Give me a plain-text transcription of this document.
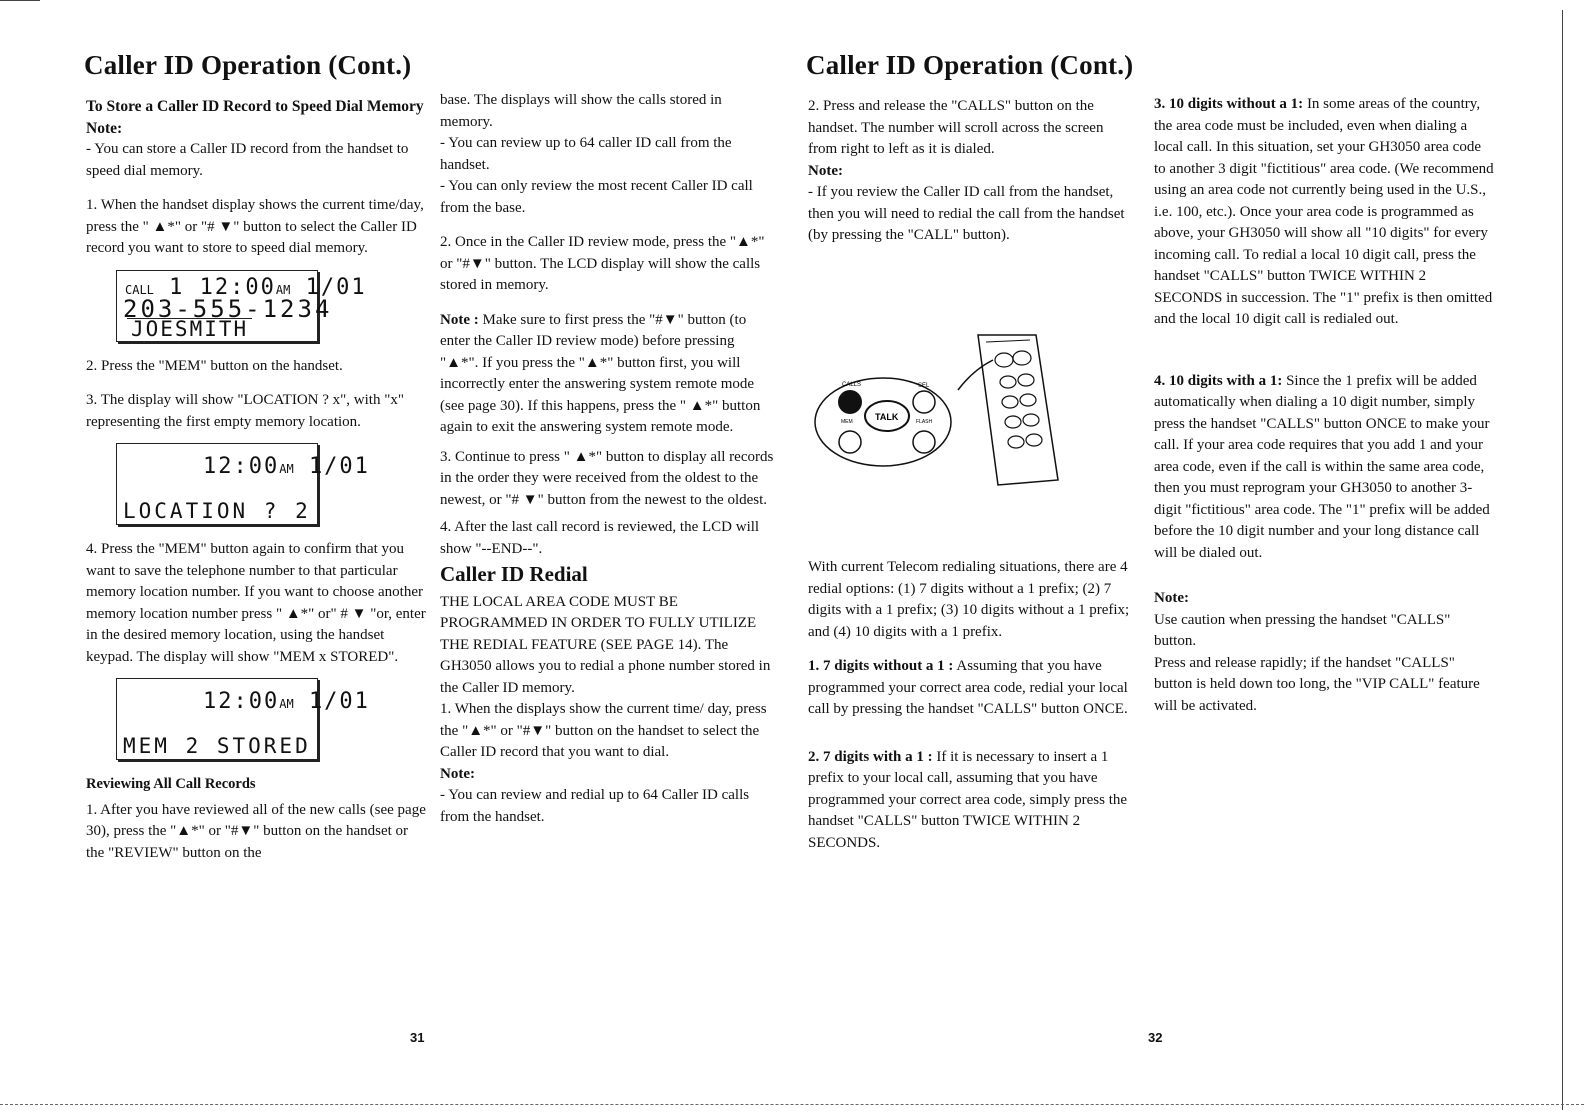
Caller ID Operation (Cont.)
To Store a Caller ID Record to Speed Dial Memory
Note:

- You can store a Caller ID record from the handset to speed dial memory.

1. When the handset display shows the current time/day, press the " ▲*" or "# ▼" button to select the Caller ID record you want to store to speed dial memory.

CALL 1 12:00AM 1/01
203-555-1234
JOESMITH

2. Press the "MEM" button on the handset.

3. The display will show "LOCATION ? x", with "x" representing the first empty memory location.

12:00AM 1/01
LOCATION ? 2

4. Press the "MEM" button again to confirm that you want to save the telephone number to that particular memory location number. If you want to choose another memory location number press " ▲*" or" # ▼ "or, enter in the desired memory location, using the handset keypad. The display will show "MEM x STORED".

12:00AM 1/01
MEM 2 STORED
Reviewing All Call Records

1. After you have reviewed all of the new calls (see page 30), press the "▲*" or "#▼" button on the handset or the "REVIEW" button on the

base. The displays will show the calls stored in memory.

- You can review up to 64 caller ID call from the handset.

- You can only review the most recent Caller ID call from the base.

2. Once in the Caller ID review mode, press the "▲*" or "#▼" button. The LCD display will show the calls stored in memory.

Note : Make sure to first press the "#▼" button (to enter the Caller ID review mode) before pressing "▲*". If you press the "▲*" button first, you will incorrectly enter the answering system remote mode (see page 30). If this happens, press the " ▲*" button again to exit the answering system remote mode.

3. Continue to press " ▲*" button to display all records in the order they were received from the oldest to the newest, or "# ▼" button from the newest to the oldest.

4. After the last call record is reviewed, the LCD will show "--END--".

Caller ID Redial

THE LOCAL AREA CODE MUST BE PROGRAMMED IN ORDER TO FULLY UTILIZE THE REDIAL FEATURE (SEE PAGE 14). The GH3050 allows you to redial a phone number stored in the Caller ID memory.

1. When the displays show the current time/ day, press the "▲*" or "#▼" button on the handset to select the Caller ID record that you want to dial.

Note:

- You can review and redial up to 64 Caller ID calls from the handset.

31
Caller ID Operation (Cont.)

2. Press and release the "CALLS" button on the handset. The number will scroll across the screen from right to left as it is dialed.

Note:

- If you review the Caller ID call from the handset, then you will need to redial the call from the handset (by pressing the "CALL" button).

CALLS	SEL
TALK
MEM	FLASH

With current Telecom redialing situations, there are 4 redial options: (1) 7 digits without a 1 prefix; (2) 7 digits with a 1 prefix; (3) 10 digits without a 1 prefix; and (4) 10 digits with a 1 prefix.

1. 7 digits without a 1 : Assuming that you have programmed your correct area code, redial your local call by pressing the handset "CALLS" button ONCE.

2. 7 digits with a 1 : If it is necessary to insert a 1 prefix to your local call, assuming that you have programmed your correct area code, simply press the handset "CALLS" button TWICE WITHIN 2 SECONDS.

3. 10 digits without a 1: In some areas of the country, the area code must be included, even when dialing a local call. In this situation, set your GH3050 area code to another 3 digit "fictitious" area code. (We recommend using an area code not currently being used in the U.S., i.e. 100, etc.). Once your area code is programmed as above, your GH3050 will show all "10 digits" for every incoming call. To redial a local 10 digit call, press the handset "CALLS" button TWICE WITHIN 2 SECONDS in succession. The "1" prefix is then omitted and the local 10 digit call is redialed out.

4. 10 digits with a 1: Since the 1 prefix will be added automatically when dialing a 10 digit number, simply press the handset "CALLS" button ONCE to make your call. If your area code requires that you add 1 and your area code, even if the call is within the same area code, then you must reprogram your GH3050 to another 3-digit "fictitious" area code. The "1" prefix will be added before the 10 digit number and your long distance call will be dialed out.

Note:

Use caution when pressing the handset "CALLS" button.

Press and release rapidly; if the handset "CALLS" button is held down too long, the "VIP CALL" feature will be activated.

32
